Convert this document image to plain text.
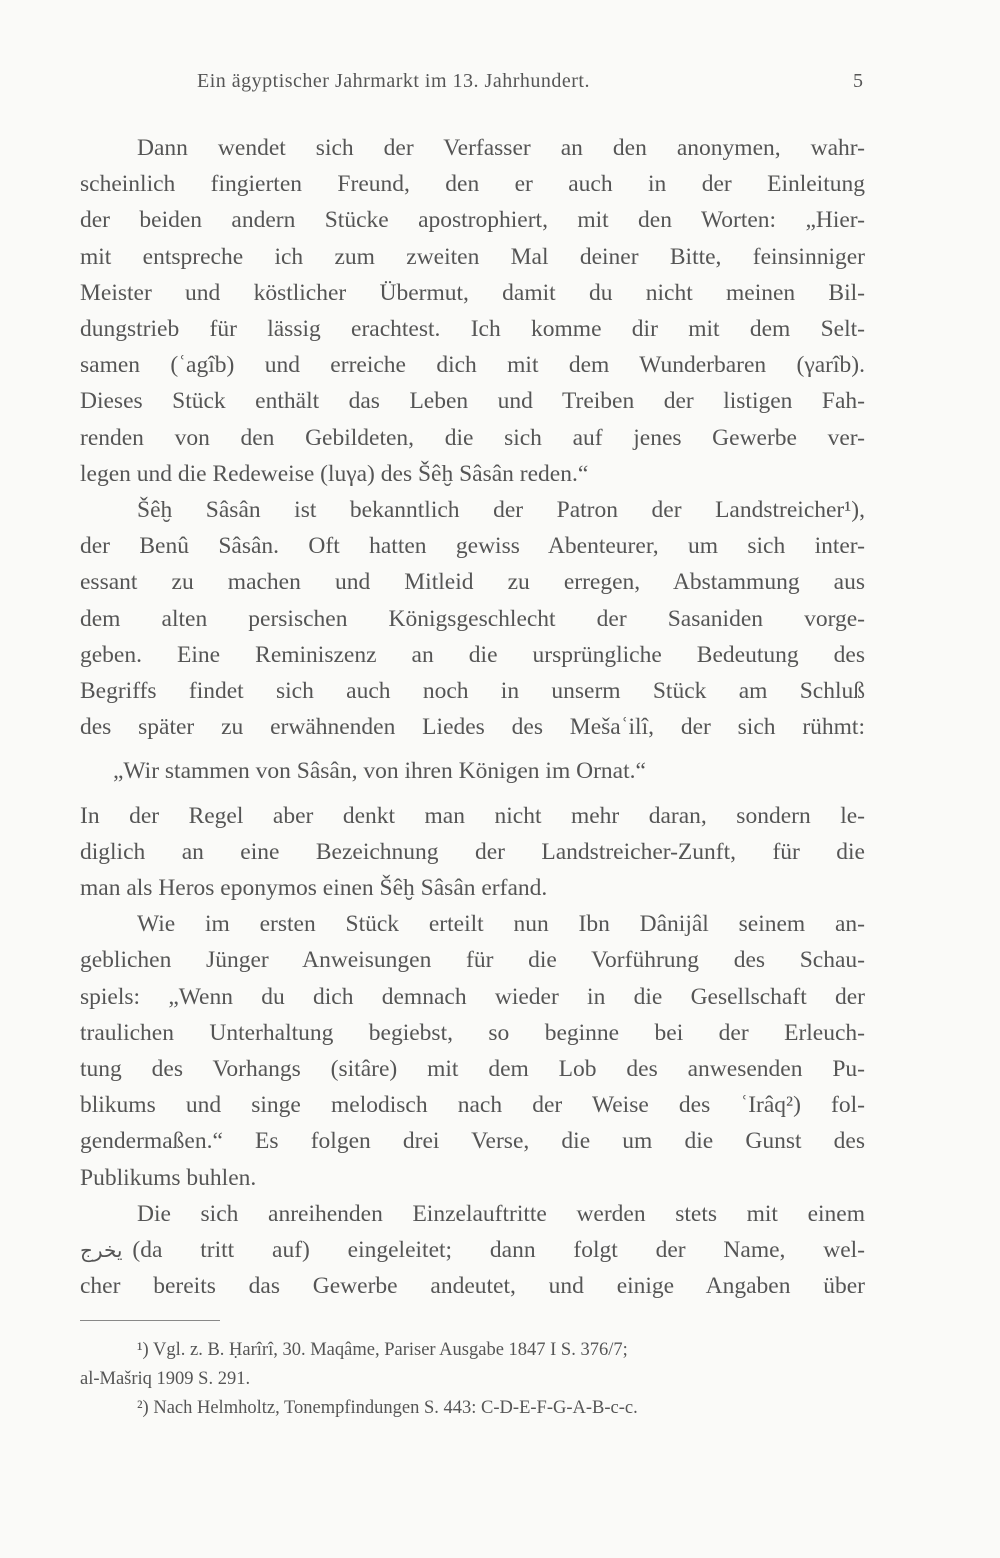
Ein ägyptischer Jahrmarkt im 13. Jahrhundert.	5
Dann wendet sich der Verfasser an den anonymen, wahr-
scheinlich fingierten Freund, den er auch in der Einleitung
der beiden andern Stücke apostrophiert, mit den Worten: „Hier-
mit entspreche ich zum zweiten Mal deiner Bitte, feinsinniger
Meister und köstlicher Übermut, damit du nicht meinen Bil-
dungstrieb für lässig erachtest. Ich komme dir mit dem Selt-
samen (ʿagîb) und erreiche dich mit dem Wunderbaren (γarîb).
Dieses Stück enthält das Leben und Treiben der listigen Fah-
renden von den Gebildeten, die sich auf jenes Gewerbe ver-
legen und die Redeweise (luγa) des Šêḫ Sâsân reden.“
Šêḫ Sâsân ist bekanntlich der Patron der Landstreicher¹),
der Benû Sâsân. Oft hatten gewiss Abenteurer, um sich inter-
essant zu machen und Mitleid zu erregen, Abstammung aus
dem alten persischen Königsgeschlecht der Sasaniden vorge-
geben. Eine Reminiszenz an die ursprüngliche Bedeutung des
Begriffs findet sich auch noch in unserm Stück am Schluß
des später zu erwähnenden Liedes des Mešaʿilî, der sich rühmt:
„Wir stammen von Sâsân, von ihren Königen im Ornat.“
In der Regel aber denkt man nicht mehr daran, sondern le-
diglich an eine Bezeichnung der Landstreicher-Zunft, für die
man als Heros eponymos einen Šêḫ Sâsân erfand.
Wie im ersten Stück erteilt nun Ibn Dânijâl seinem an-
geblichen Jünger Anweisungen für die Vorführung des Schau-
spiels: „Wenn du dich demnach wieder in die Gesellschaft der
traulichen Unterhaltung begiebst, so beginne bei der Erleuch-
tung des Vorhangs (sitâre) mit dem Lob des anwesenden Pu-
blikums und singe melodisch nach der Weise des ʿIrâq²) fol-
gendermaßen.“ Es folgen drei Verse, die um die Gunst des
Publikums buhlen.
Die sich anreihenden Einzelauftritte werden stets mit einem
يخرج (da tritt auf) eingeleitet; dann folgt der Name, wel-
cher bereits das Gewerbe andeutet, und einige Angaben über
¹) Vgl. z. B. Ḥarîrî, 30. Maqâme, Pariser Ausgabe 1847 I S. 376/7;
al-Mašriq 1909 S. 291.
²) Nach Helmholtz, Tonempfindungen S. 443: C-D-E-F-G-A-B-c-c.
